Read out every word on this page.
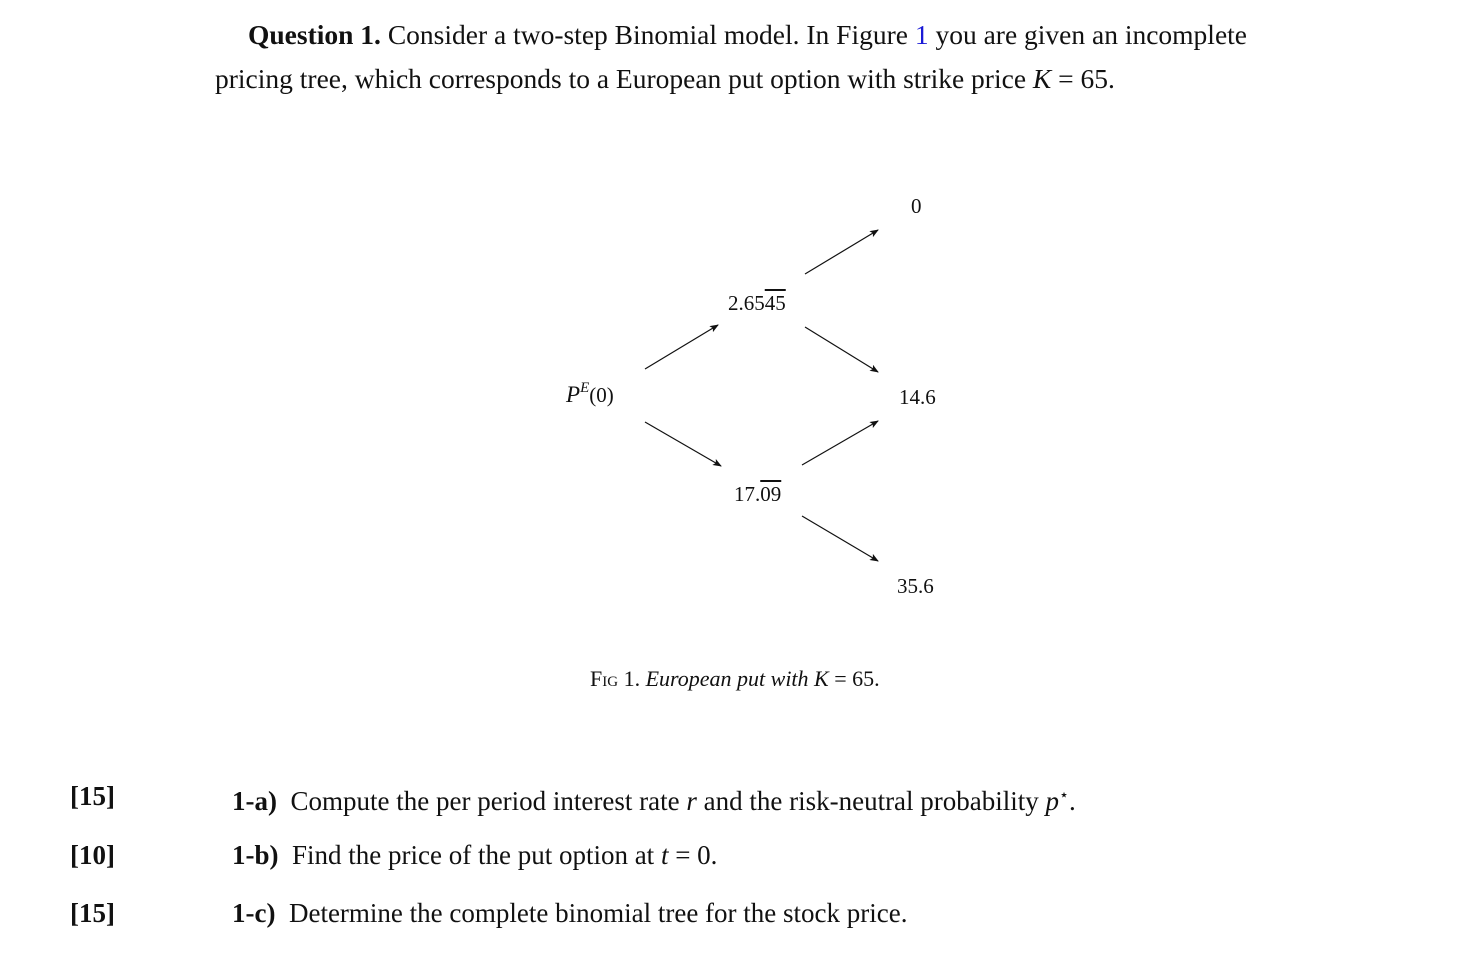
Question 1. Consider a two-step Binomial model. In Figure 1 you are given an incomplete
pricing tree, which corresponds to a European put option with strike price K = 65.
$P^E(0)$
2.6545
17.09
0
14.6
35.6
Fig 1. European put with K = 65.
[15]	1-a) Compute the per period interest rate r and the risk-neutral probability p⋆.
[10]	1-b) Find the price of the put option at t = 0.
[15]	1-c) Determine the complete binomial tree for the stock price.
